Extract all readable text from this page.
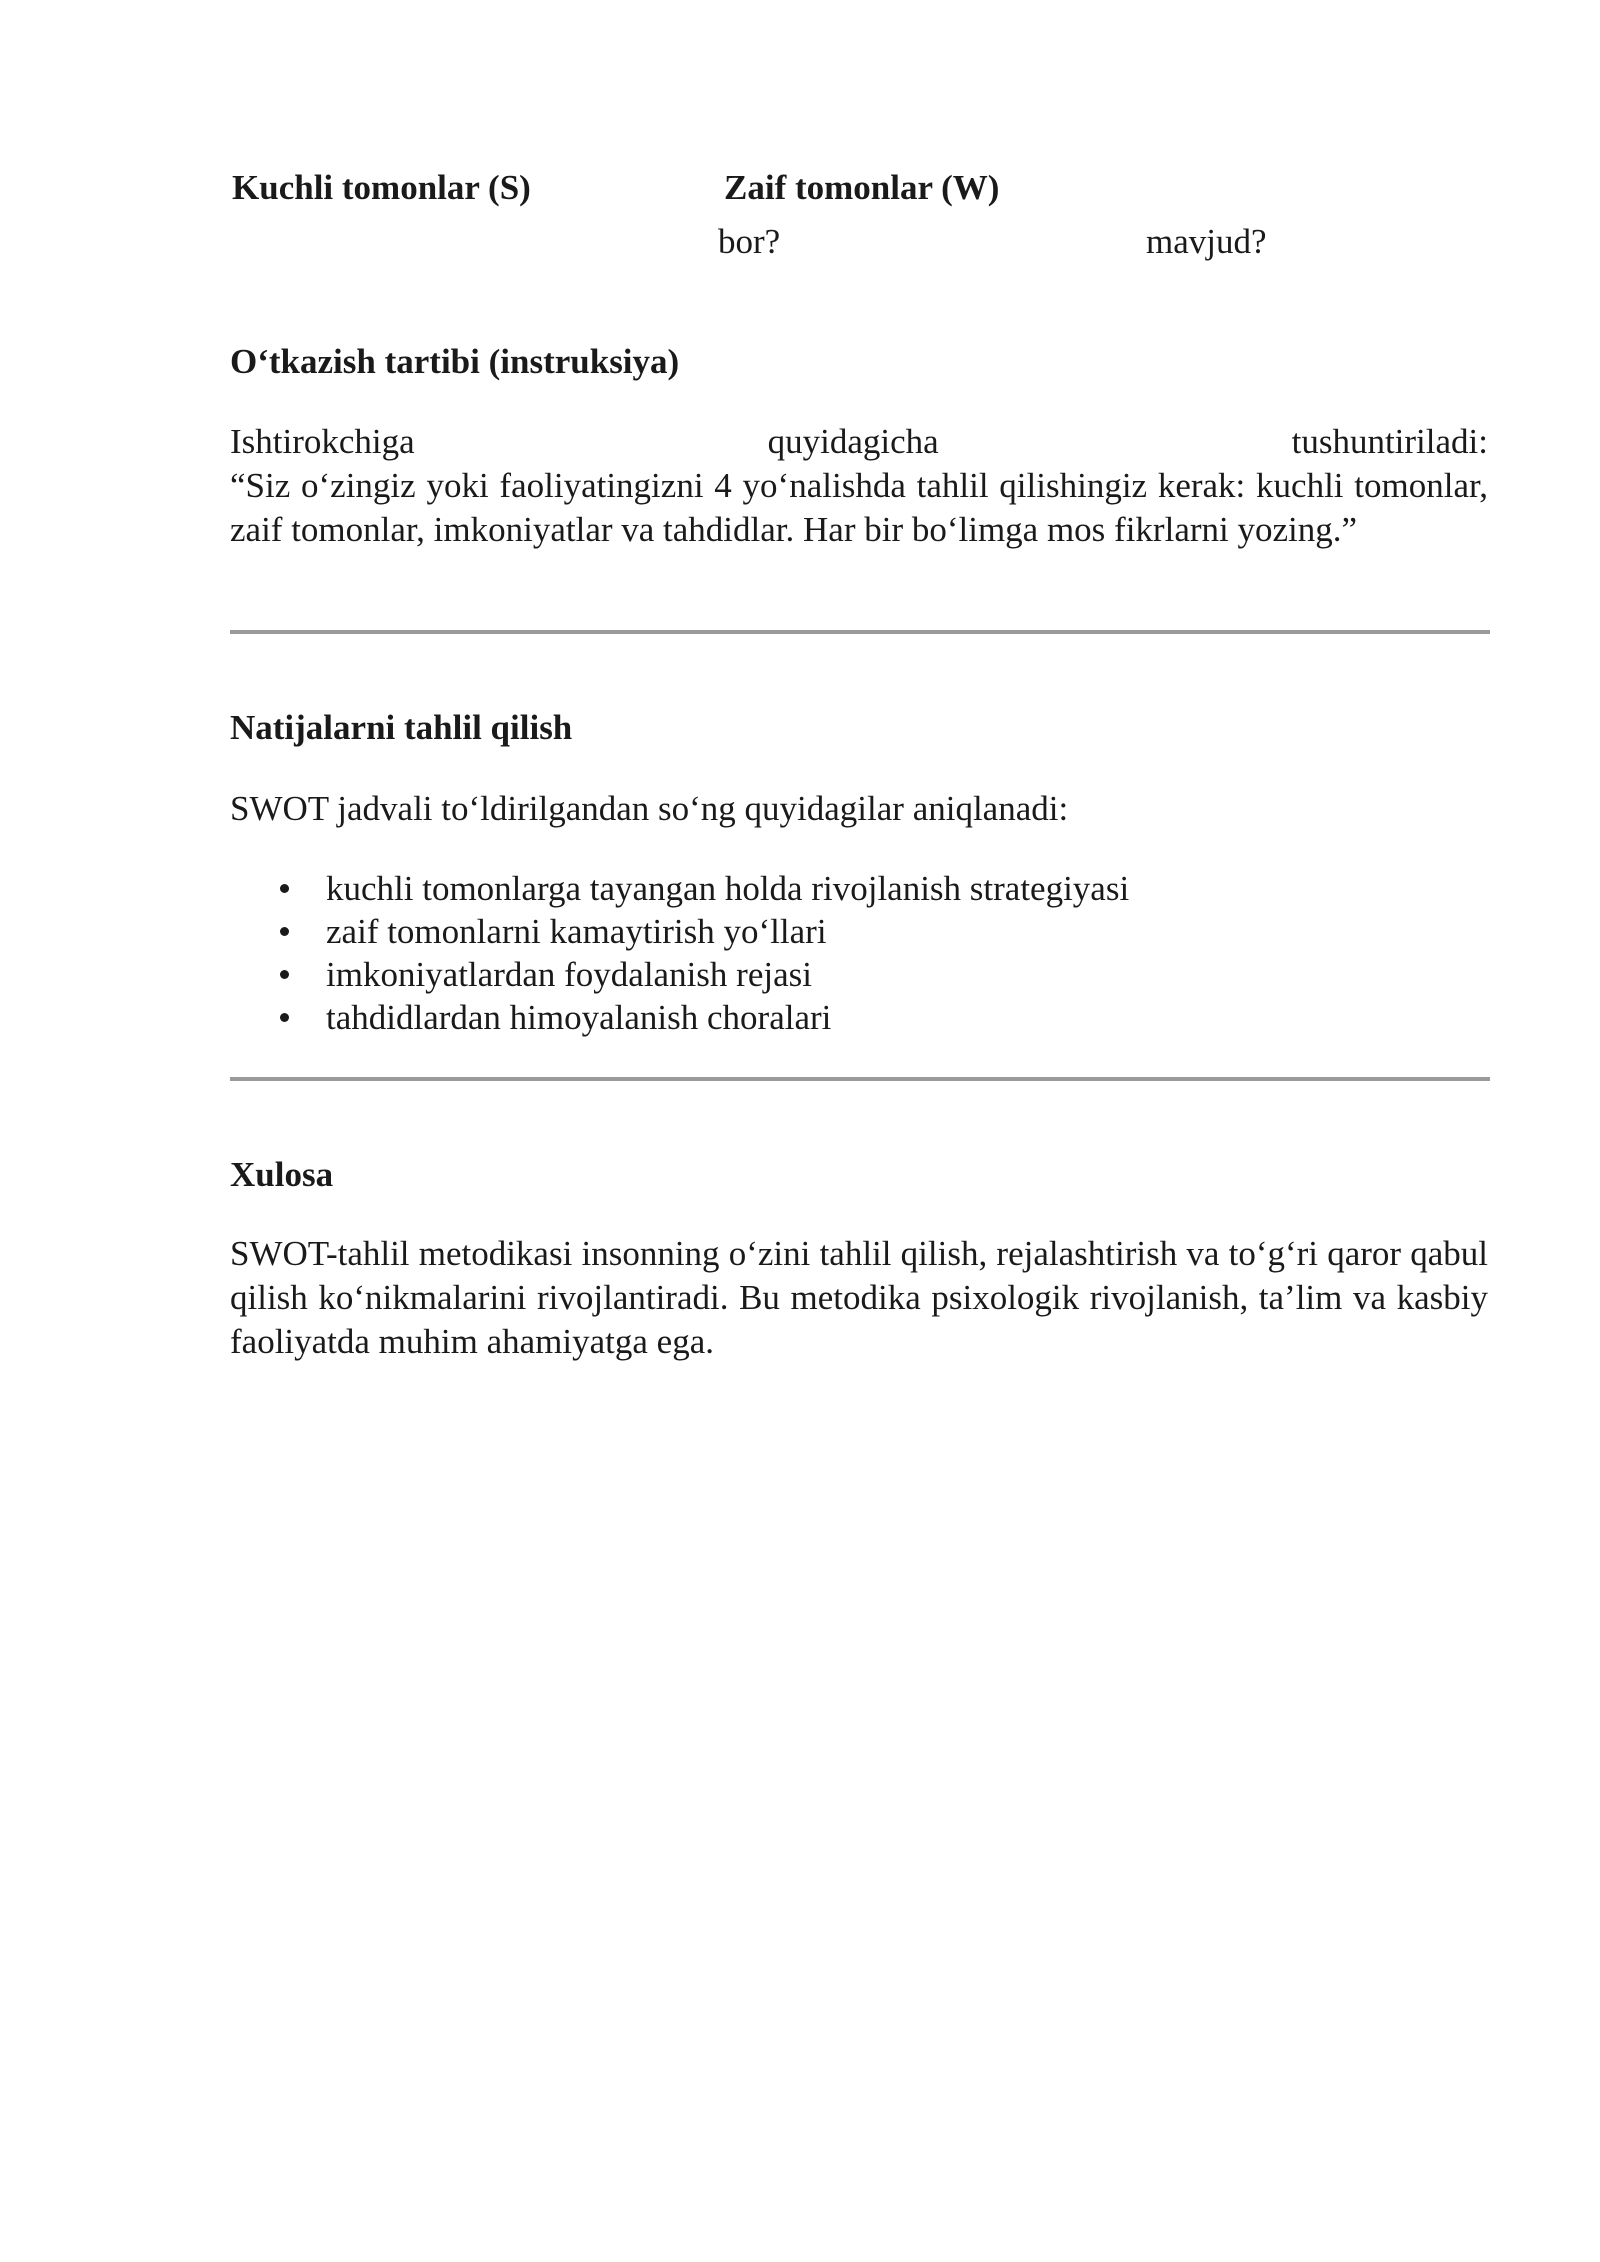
Kuchli tomonlar (S)	Zaif tomonlar (W)
bor?	mavjud?
O‘tkazish tartibi (instruksiya)
Ishtirokchiga	quyidagicha	tushuntiriladi:
“Siz o‘zingiz yoki faoliyatingizni 4 yo‘nalishda tahlil qilishingiz kerak: kuchli tomonlar, zaif tomonlar, imkoniyatlar va tahdidlar. Har bir bo‘limga mos fikrlarni yozing.”
Natijalarni tahlil qilish
SWOT jadvali to‘ldirilgandan so‘ng quyidagilar aniqlanadi:
kuchli tomonlarga tayangan holda rivojlanish strategiyasi
zaif tomonlarni kamaytirish yo‘llari
imkoniyatlardan foydalanish rejasi
tahdidlardan himoyalanish choralari
Xulosa
SWOT-tahlil metodikasi insonning o‘zini tahlil qilish, rejalashtirish va to‘g‘ri qaror qabul qilish ko‘nikmalarini rivojlantiradi. Bu metodika psixologik rivojlanish, ta’lim va kasbiy faoliyatda muhim ahamiyatga ega.
